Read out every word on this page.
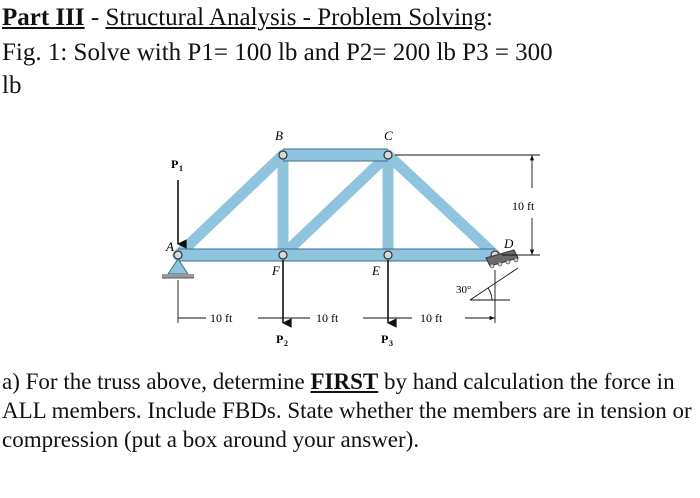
Part III - Structural Analysis - Problem Solving:
Fig. 1: Solve with P1= 100 lb and P2= 200 lb P3 = 300
lb
A
B	C
D
E
F
P 1
P 2	P 3
10 ft	10 ft	10 ft
10 ft
30°
a) For the truss above, determine FIRST by hand calculation the force in ALL members. Include FBDs. State whether the members are in tension or compression (put a box around your answer).
